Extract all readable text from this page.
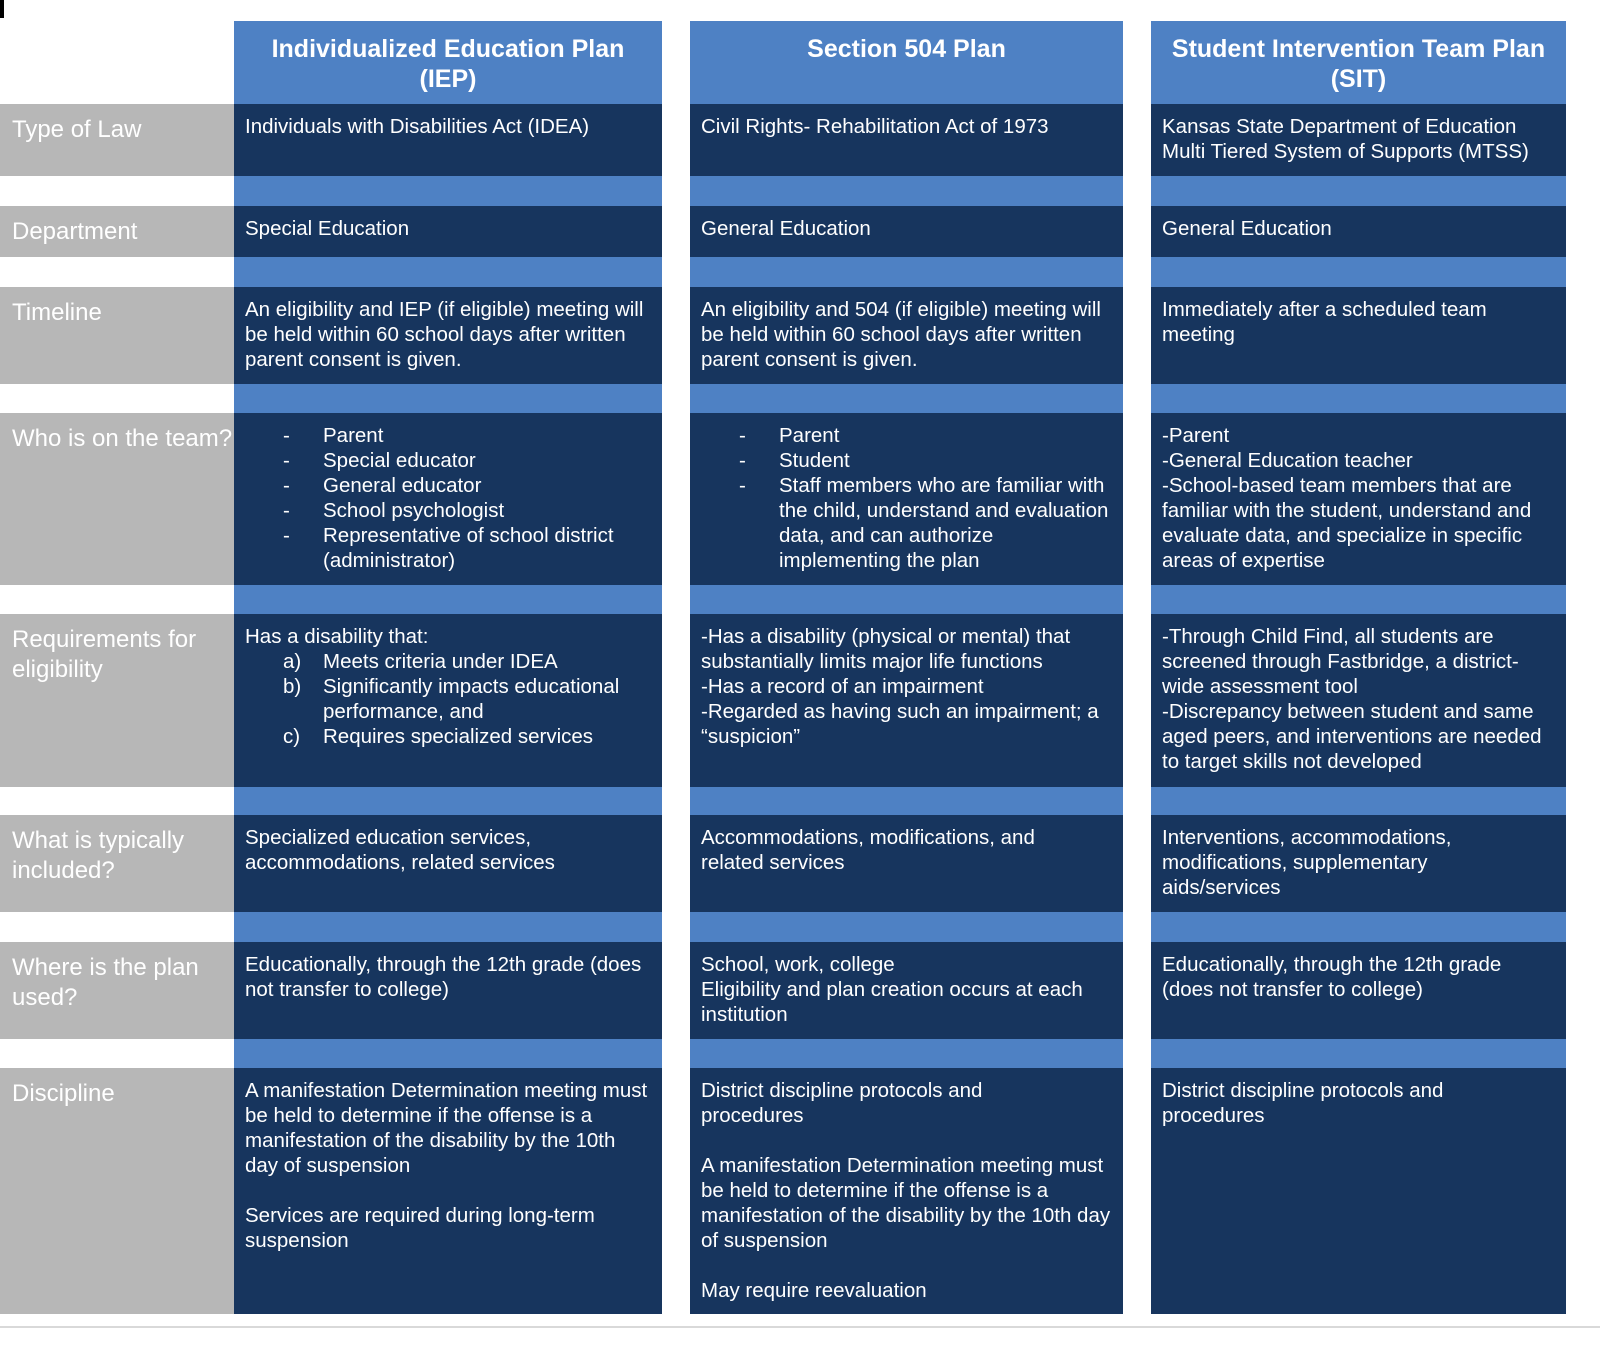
Individualized Education Plan (IEP)
Section 504 Plan	Student Intervention Team Plan (SIT)
Type of Law	Individuals with Disabilities Act (IDEA)	Civil Rights- Rehabilitation Act of 1973	Kansas State Department of Education Multi Tiered System of Supports (MTSS)
Department	Special Education	General Education	General Education
Timeline	An eligibility and IEP (if eligible) meeting will be held within 60 school days after written parent consent is given.
An eligibility and 504 (if eligible) meeting will be held within 60 school days after written parent consent is given.
Immediately after a scheduled team meeting
Who is on the team?
-	Parent
- Special educator
- General educator
- School psychologist
- Representative of school district (administrator)
- Parent
- Student
- Staff members who are familiar with the child, understand and evaluation data, and can authorize implementing the plan
-Parent
-General Education teacher
-School-based team members that are familiar with the student, understand and evaluate data, and specialize in specific areas of expertise
Requirements for eligibility
Has a disability that:
a) Meets criteria under IDEA
b) Significantly impacts educational performance, and
c) Requires specialized services
-Has a disability (physical or mental) that substantially limits major life functions
-Has a record of an impairment
-Regarded as having such an impairment; a “suspicion”
-Through Child Find, all students are screened through Fastbridge, a district-wide assessment tool
-Discrepancy between student and same aged peers, and interventions are needed to target skills not developed
What is typically included?
Specialized education services, accommodations, related services
Accommodations, modifications, and related services
Interventions, accommodations, modifications, supplementary aids/services
Where is the plan used?
Educationally, through the 12th grade (does not transfer to college)
School, work, college
Eligibility and plan creation occurs at each institution
Educationally, through the 12th grade (does not transfer to college)
Discipline	A manifestation Determination meeting must be held to determine if the offense is a manifestation of the disability by the 10th day of suspension
Services are required during long-term suspension
District discipline protocols and procedures
A manifestation Determination meeting must be held to determine if the offense is a manifestation of the disability by the 10th day of suspension
May require reevaluation
District discipline protocols and procedures
